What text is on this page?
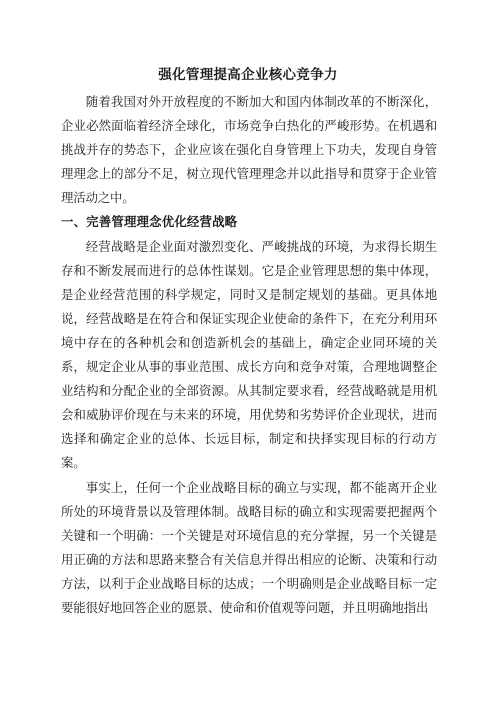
强化管理提高企业核心竞争力

随着我国对外开放程度的不断加大和国内体制改革的不断深化，企业必然面临着经济全球化，市场竞争白热化的严峻形势。在机遇和挑战并存的势态下，企业应该在强化自身管理上下功夫，发现自身管理理念上的部分不足，树立现代管理理念并以此指导和贯穿于企业管理活动之中。

一、完善管理理念优化经营战略

经营战略是企业面对激烈变化、严峻挑战的环境，为求得长期生存和不断发展而进行的总体性谋划。它是企业管理思想的集中体现，是企业经营范围的科学规定，同时又是制定规划的基础。更具体地说，经营战略是在符合和保证实现企业使命的条件下，在充分利用环境中存在的各种机会和创造新机会的基础上，确定企业同环境的关系，规定企业从事的事业范围、成长方向和竞争对策，合理地调整企业结构和分配企业的全部资源。从其制定要求看，经营战略就是用机会和威胁评价现在与未来的环境，用优势和劣势评价企业现状，进而选择和确定企业的总体、长远目标，制定和抉择实现目标的行动方案。

事实上，任何一个企业战略目标的确立与实现，都不能离开企业所处的环境背景以及管理体制。战略目标的确立和实现需要把握两个关键和一个明确：一个关键是对环境信息的充分掌握，另一个关键是用正确的方法和思路来整合有关信息并得出相应的论断、决策和行动方法，以利于企业战略目标的达成；一个明确则是企业战略目标一定要能很好地回答企业的愿景、使命和价值观等问题，并且明确地指出
